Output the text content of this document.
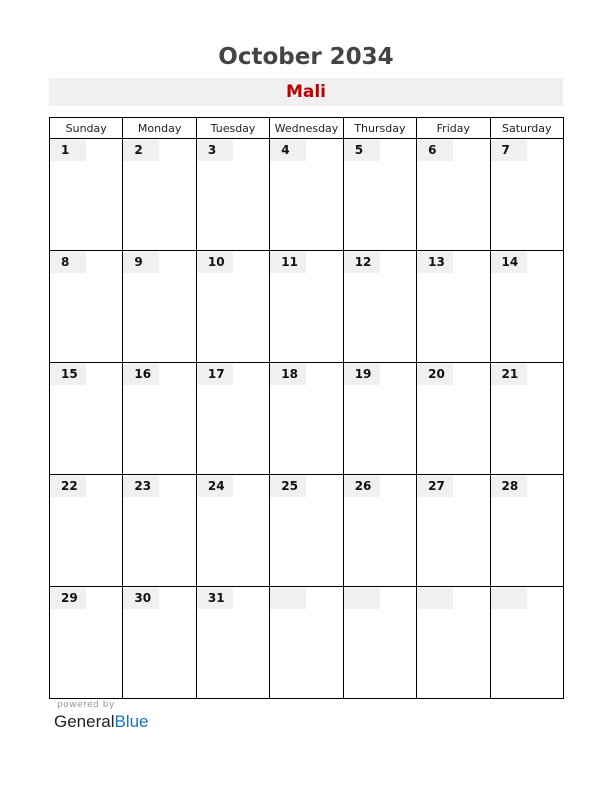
October 2034
Mali
Sunday	Monday	Tuesday	Wednesday	Thursday	Friday	Saturday

1	2	3	4	5	6	7

8	9	10	11	12	13	14

15	16	17	18	19	20	21

22	23	24	25	26	27	28

29	30	31				

powered by
GeneralBlue
